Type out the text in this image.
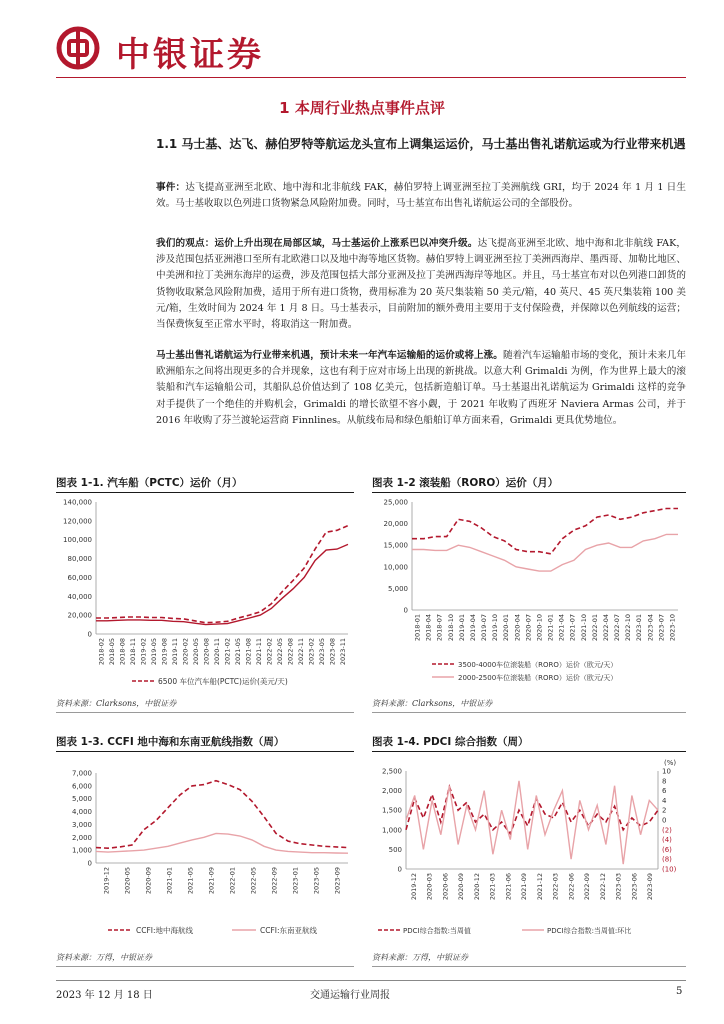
中银证券
1 本周行业热点事件点评
1.1 马士基、达飞、赫伯罗特等航运龙头宣布上调集运运价，马士基出售礼诺航运或为行业带来机遇
事件：达飞提高亚洲至北欧、地中海和北非航线 FAK，赫伯罗特上调亚洲至拉丁美洲航线 GRI，均于 2024 年 1 月 1 日生效。马士基收取以色列进口货物紧急风险附加费。同时，马士基宣布出售礼诺航运公司的全部股份。
我们的观点：运价上升出现在局部区域，马士基运价上涨系巴以冲突升级。达飞提高亚洲至北欧、地中海和北非航线 FAK，涉及范围包括亚洲港口至所有北欧港口以及地中海等地区货物。赫伯罗特上调亚洲至拉丁美洲西海岸、墨西哥、加勒比地区、中美洲和拉丁美洲东海岸的运费，涉及范围包括大部分亚洲及拉丁美洲西海岸等地区。并且，马士基宣布对以色列港口卸货的货物收取紧急风险附加费，适用于所有进口货物，费用标准为 20 英尺集装箱 50 美元/箱，40 英尺、45 英尺集装箱 100 美元/箱，生效时间为 2024 年 1 月 8 日。马士基表示，目前附加的额外费用主要用于支付保险费，并保障以色列航线的运营；当保费恢复至正常水平时，将取消这一附加费。
马士基出售礼诺航运为行业带来机遇，预计未来一年汽车运输船的运价或将上涨。随着汽车运输船市场的变化，预计未来几年欧洲船东之间将出现更多的合并现象，这也有利于应对市场上出现的新挑战。以意大利 Grimaldi 为例，作为世界上最大的滚装船和汽车运输船公司，其船队总价值达到了 108 亿美元，包括新造船订单。马士基退出礼诺航运为 Grimaldi 这样的竞争对手提供了一个绝佳的并购机会，Grimaldi 的增长欲望不容小觑，于 2021 年收购了西班牙 Naviera Armas 公司，并于 2016 年收购了芬兰渡轮运营商 Finnlines。从航线布局和绿色船舶订单方面来看，Grimaldi 更具优势地位。
图表 1-1. 汽车船（PCTC）运价（月）
140,000
120,000
100,000
80,000
60,000
40,000
20,000
0
2018-02 2018-05 2018-08 2018-11 2019-02 2019-05 2019-08 2019-11 2020-02 2020-05 2020-08 2020-11 2021-02 2021-05 2021-08 2021-11 2022-02 2022-05 2022-08 2022-11 2023-02 2023-05 2023-08 2023-11
6500 车位汽车船(PCTC)运价(美元/天)
资料来源：Clarksons，中银证券
图表 1-2 滚装船（RORO）运价（月）
25,000
20,000
15,000
10,000
5,000
0
2018-01 2018-04 2018-07 2018-10 2019-01 2019-04 2019-07 2019-10 2020-01 2020-04 2020-07 2020-10 2021-01 2021-04 2021-07 2021-10 2022-01 2022-04 2022-07 2022-10 2023-01 2023-04 2023-07 2023-10
3500-4000车位滚装船（RORO）运价（欧元/天）
2000-2500车位滚装船（RORO）运价（欧元/天）
资料来源：Clarksons，中银证券
图表 1-3. CCFI 地中海和东南亚航线指数（周）
7,000
6,000
5,000
4,000
3,000
2,000
1,000
0
2019-12 2020-05 2020-09 2021-01 2021-05 2021-09 2022-01 2022-05 2022-09 2023-01 2023-05 2023-09
CCFI:地中海航线	CCFI:东南亚航线
资料来源：万得，中银证券
图表 1-4. PDCI 综合指数（周）
2,500
2,000
1,500
1,000
500
0
10
8
6
4
2
0
(2)
(4)
(6)
(8)
(10)
2019-12 2020-03 2020-06 2020-09 2020-12 2021-03 2021-06 2021-09 2021-12 2022-03 2022-06 2022-09 2022-12 2023-03 2023-06 2023-09
(%)
PDCI综合指数:当周值	PDCI综合指数:当周值:环比
资料来源：万得，中银证券
2023 年 12 月 18 日	交通运输行业周报	5
